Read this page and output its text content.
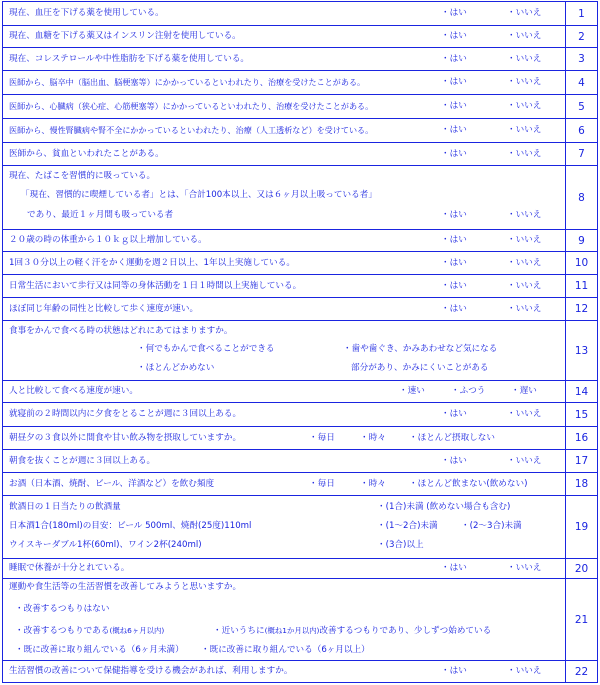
現在、血圧を下げる薬を使用している。	・はい	・いいえ	1
現在、血糖を下げる薬又はインスリン注射を使用している。	・はい	・いいえ	2
現在、コレステロールや中性脂肪を下げる薬を使用している。	・はい	・いいえ	3
医師から、脳卒中（脳出血、脳梗塞等）にかかっているといわれたり、治療を受けたことがある。	・はい	・いいえ	4
医師から、心臓病（狭心症、心筋梗塞等）にかかっているといわれたり、治療を受けたことがある。	・はい	・いいえ	5
医師から、慢性腎臓病や腎不全にかかっているといわれたり、治療（人工透析など）を受けている。	・はい	・いいえ	6
医師から、貧血といわれたことがある。	・はい	・いいえ	7
現在、たばこを習慣的に吸っている。
「現在、習慣的に喫煙している者」とは、「合計100本以上、又は６ヶ月以上吸っている者」
であり、最近１ヶ月間も吸っている者	・はい	・いいえ
8
２０歳の時の体重から１０ｋｇ以上増加している。	・はい	・いいえ	9
1回３０分以上の軽く汗をかく運動を週２日以上、1年以上実施している。	・はい	・いいえ	10
日常生活において歩行又は同等の身体活動を１日１時間以上実施している。	・はい	・いいえ	11
ほぼ同じ年齢の同性と比較して歩く速度が速い。	・はい	・いいえ	12
食事をかんで食べる時の状態はどれにあてはまりますか。
・何でもかんで食べることができる	・歯や歯ぐき、かみあわせなど気になる
・ほとんどかめない	部分があり、かみにくいことがある
13
人と比較して食べる速度が速い。	・速い	・ふつう	・遅い	14
就寝前の２時間以内に夕食をとることが週に３回以上ある。	・はい	・いいえ	15
朝昼夕の３食以外に間食や甘い飲み物を摂取していますか。	・毎日	・時々	・ほとんど摂取しない	16
朝食を抜くことが週に３回以上ある。	・はい	・いいえ	17
お酒（日本酒、焼酎、ビール、洋酒など）を飲む頻度	・毎日	・時々	・ほとんど飲まない(飲めない)	18
飲酒日の１日当たりの飲酒量
日本酒1合(180ml)の目安：ビール 500ml、焼酎(25度)110ml
ウイスキーダブル1杯(60ml)、ワイン2杯(240ml)
・(1合)未満 (飲めない場合も含む)
・(1～2合)未満	・(2～3合)未満
・(3合)以上
19
睡眠で休養が十分とれている。	・はい	・いいえ	20
運動や食生活等の生活習慣を改善してみようと思いますか。
・改善するつもりはない
・改善するつもりである(概ね6ヶ月以内)	・近いうちに(概ね1か月以内)改善するつもりであり、少しずつ始めている
・既に改善に取り組んでいる（6ヶ月未満） ・既に改善に取り組んでいる（6ヶ月以上）
21
生活習慣の改善について保健指導を受ける機会があれば、利用しますか。	・はい	・いいえ	22
